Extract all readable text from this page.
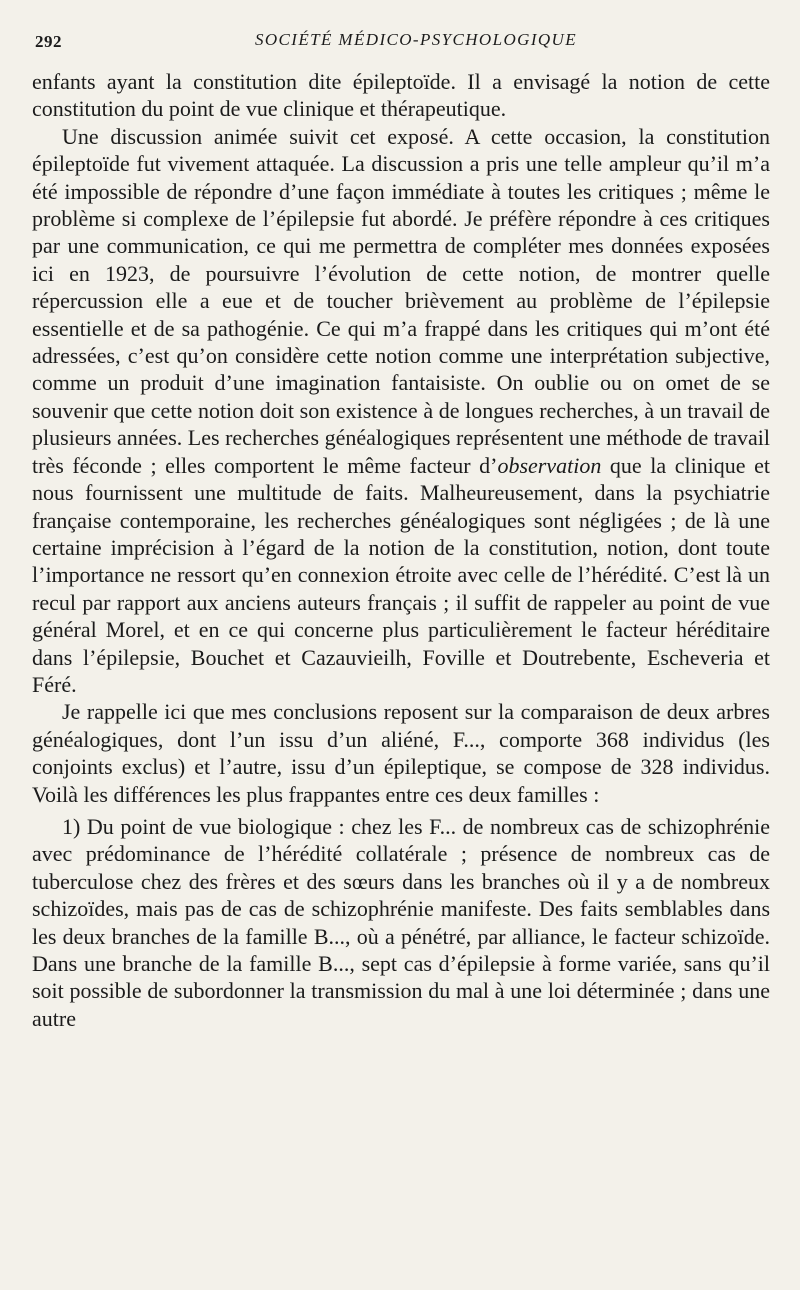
292	SOCIÉTÉ MÉDICO-PSYCHOLOGIQUE

enfants ayant la constitution dite épileptoïde. Il a envisagé la notion de cette constitution du point de vue clinique et thérapeutique.

Une discussion animée suivit cet exposé. A cette occasion, la constitution épileptoïde fut vivement attaquée. La discussion a pris une telle ampleur qu’il m’a été impossible de répondre d’une façon immédiate à toutes les critiques ; même le problème si complexe de l’épilepsie fut abordé. Je préfère répondre à ces critiques par une communication, ce qui me permettra de compléter mes données exposées ici en 1923, de poursuivre l’évolution de cette notion, de montrer quelle répercussion elle a eue et de toucher brièvement au problème de l’épilepsie essentielle et de sa pathogénie. Ce qui m’a frappé dans les critiques qui m’ont été adressées, c’est qu’on considère cette notion comme une interprétation subjective, comme un produit d’une imagination fantaisiste. On oublie ou on omet de se souvenir que cette notion doit son existence à de longues recherches, à un travail de plusieurs années. Les recherches généalogiques représentent une méthode de travail très féconde ; elles comportent le même facteur d’observation que la clinique et nous fournissent une multitude de faits. Malheureusement, dans la psychiatrie française contemporaine, les recherches généalogiques sont négligées ; de là une certaine imprécision à l’égard de la notion de la constitution, notion, dont toute l’importance ne ressort qu’en connexion étroite avec celle de l’hérédité. C’est là un recul par rapport aux anciens auteurs français ; il suffit de rappeler au point de vue général Morel, et en ce qui concerne plus particulièrement le facteur héréditaire dans l’épilepsie, Bouchet et Cazauvieilh, Foville et Doutrebente, Escheveria et Féré.

Je rappelle ici que mes conclusions reposent sur la comparaison de deux arbres généalogiques, dont l’un issu d’un aliéné, F..., comporte 368 individus (les conjoints exclus) et l’autre, issu d’un épileptique, se compose de 328 individus. Voilà les différences les plus frappantes entre ces deux familles :

1) Du point de vue biologique : chez les F... de nombreux cas de schizophrénie avec prédominance de l’hérédité collatérale ; présence de nombreux cas de tuberculose chez des frères et des sœurs dans les branches où il y a de nombreux schizoïdes, mais pas de cas de schizophrénie manifeste. Des faits semblables dans les deux branches de la famille B..., où a pénétré, par alliance, le facteur schizoïde. Dans une branche de la famille B..., sept cas d’épilepsie à forme variée, sans qu’il soit possible de subordonner la transmission du mal à une loi déterminée ; dans une autre
